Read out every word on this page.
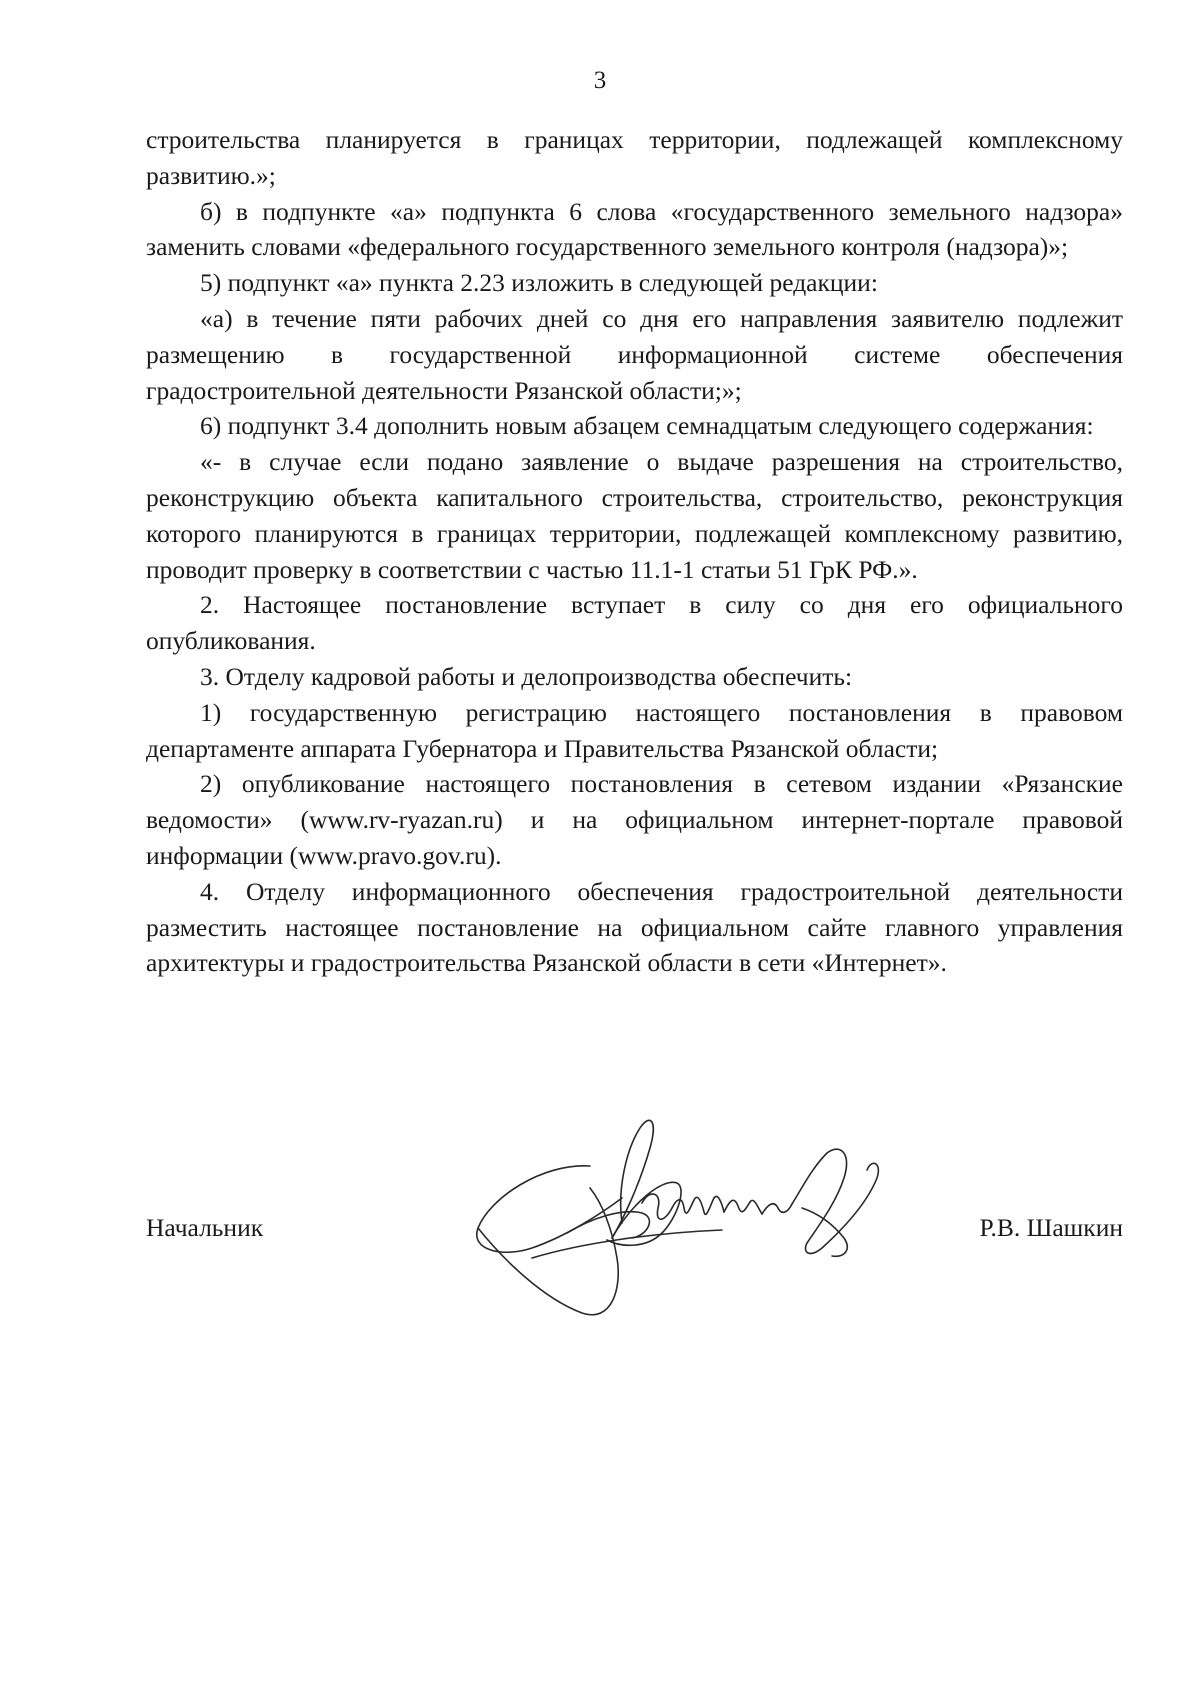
3

строительства планируется в границах территории, подлежащей комплексному развитию.»;

б) в подпункте «а» подпункта 6 слова «государственного земельного надзора» заменить словами «федерального государственного земельного контроля (надзора)»;

5) подпункт «а» пункта 2.23 изложить в следующей редакции:

«а) в течение пяти рабочих дней со дня его направления заявителю подлежит размещению в государственной информационной системе обеспечения градостроительной деятельности Рязанской области;»;

6) подпункт 3.4 дополнить новым абзацем семнадцатым следующего содержания:

«- в случае если подано заявление о выдаче разрешения на строительство, реконструкцию объекта капитального строительства, строительство, реконструкция которого планируются в границах территории, подлежащей комплексному развитию, проводит проверку в соответствии с частью 11.1-1 статьи 51 ГрК РФ.».

2. Настоящее постановление вступает в силу со дня его официального опубликования.

3. Отделу кадровой работы и делопроизводства обеспечить:

1) государственную регистрацию настоящего постановления в правовом департаменте аппарата Губернатора и Правительства Рязанской области;

2) опубликование настоящего постановления в сетевом издании «Рязанские ведомости» (www.rv-ryazan.ru) и на официальном интернет-портале правовой информации (www.pravo.gov.ru).

4. Отделу информационного обеспечения градостроительной деятельности разместить настоящее постановление на официальном сайте главного управления архитектуры и градостроительства Рязанской области в сети «Интернет».

Начальник	Р.В. Шашкин
